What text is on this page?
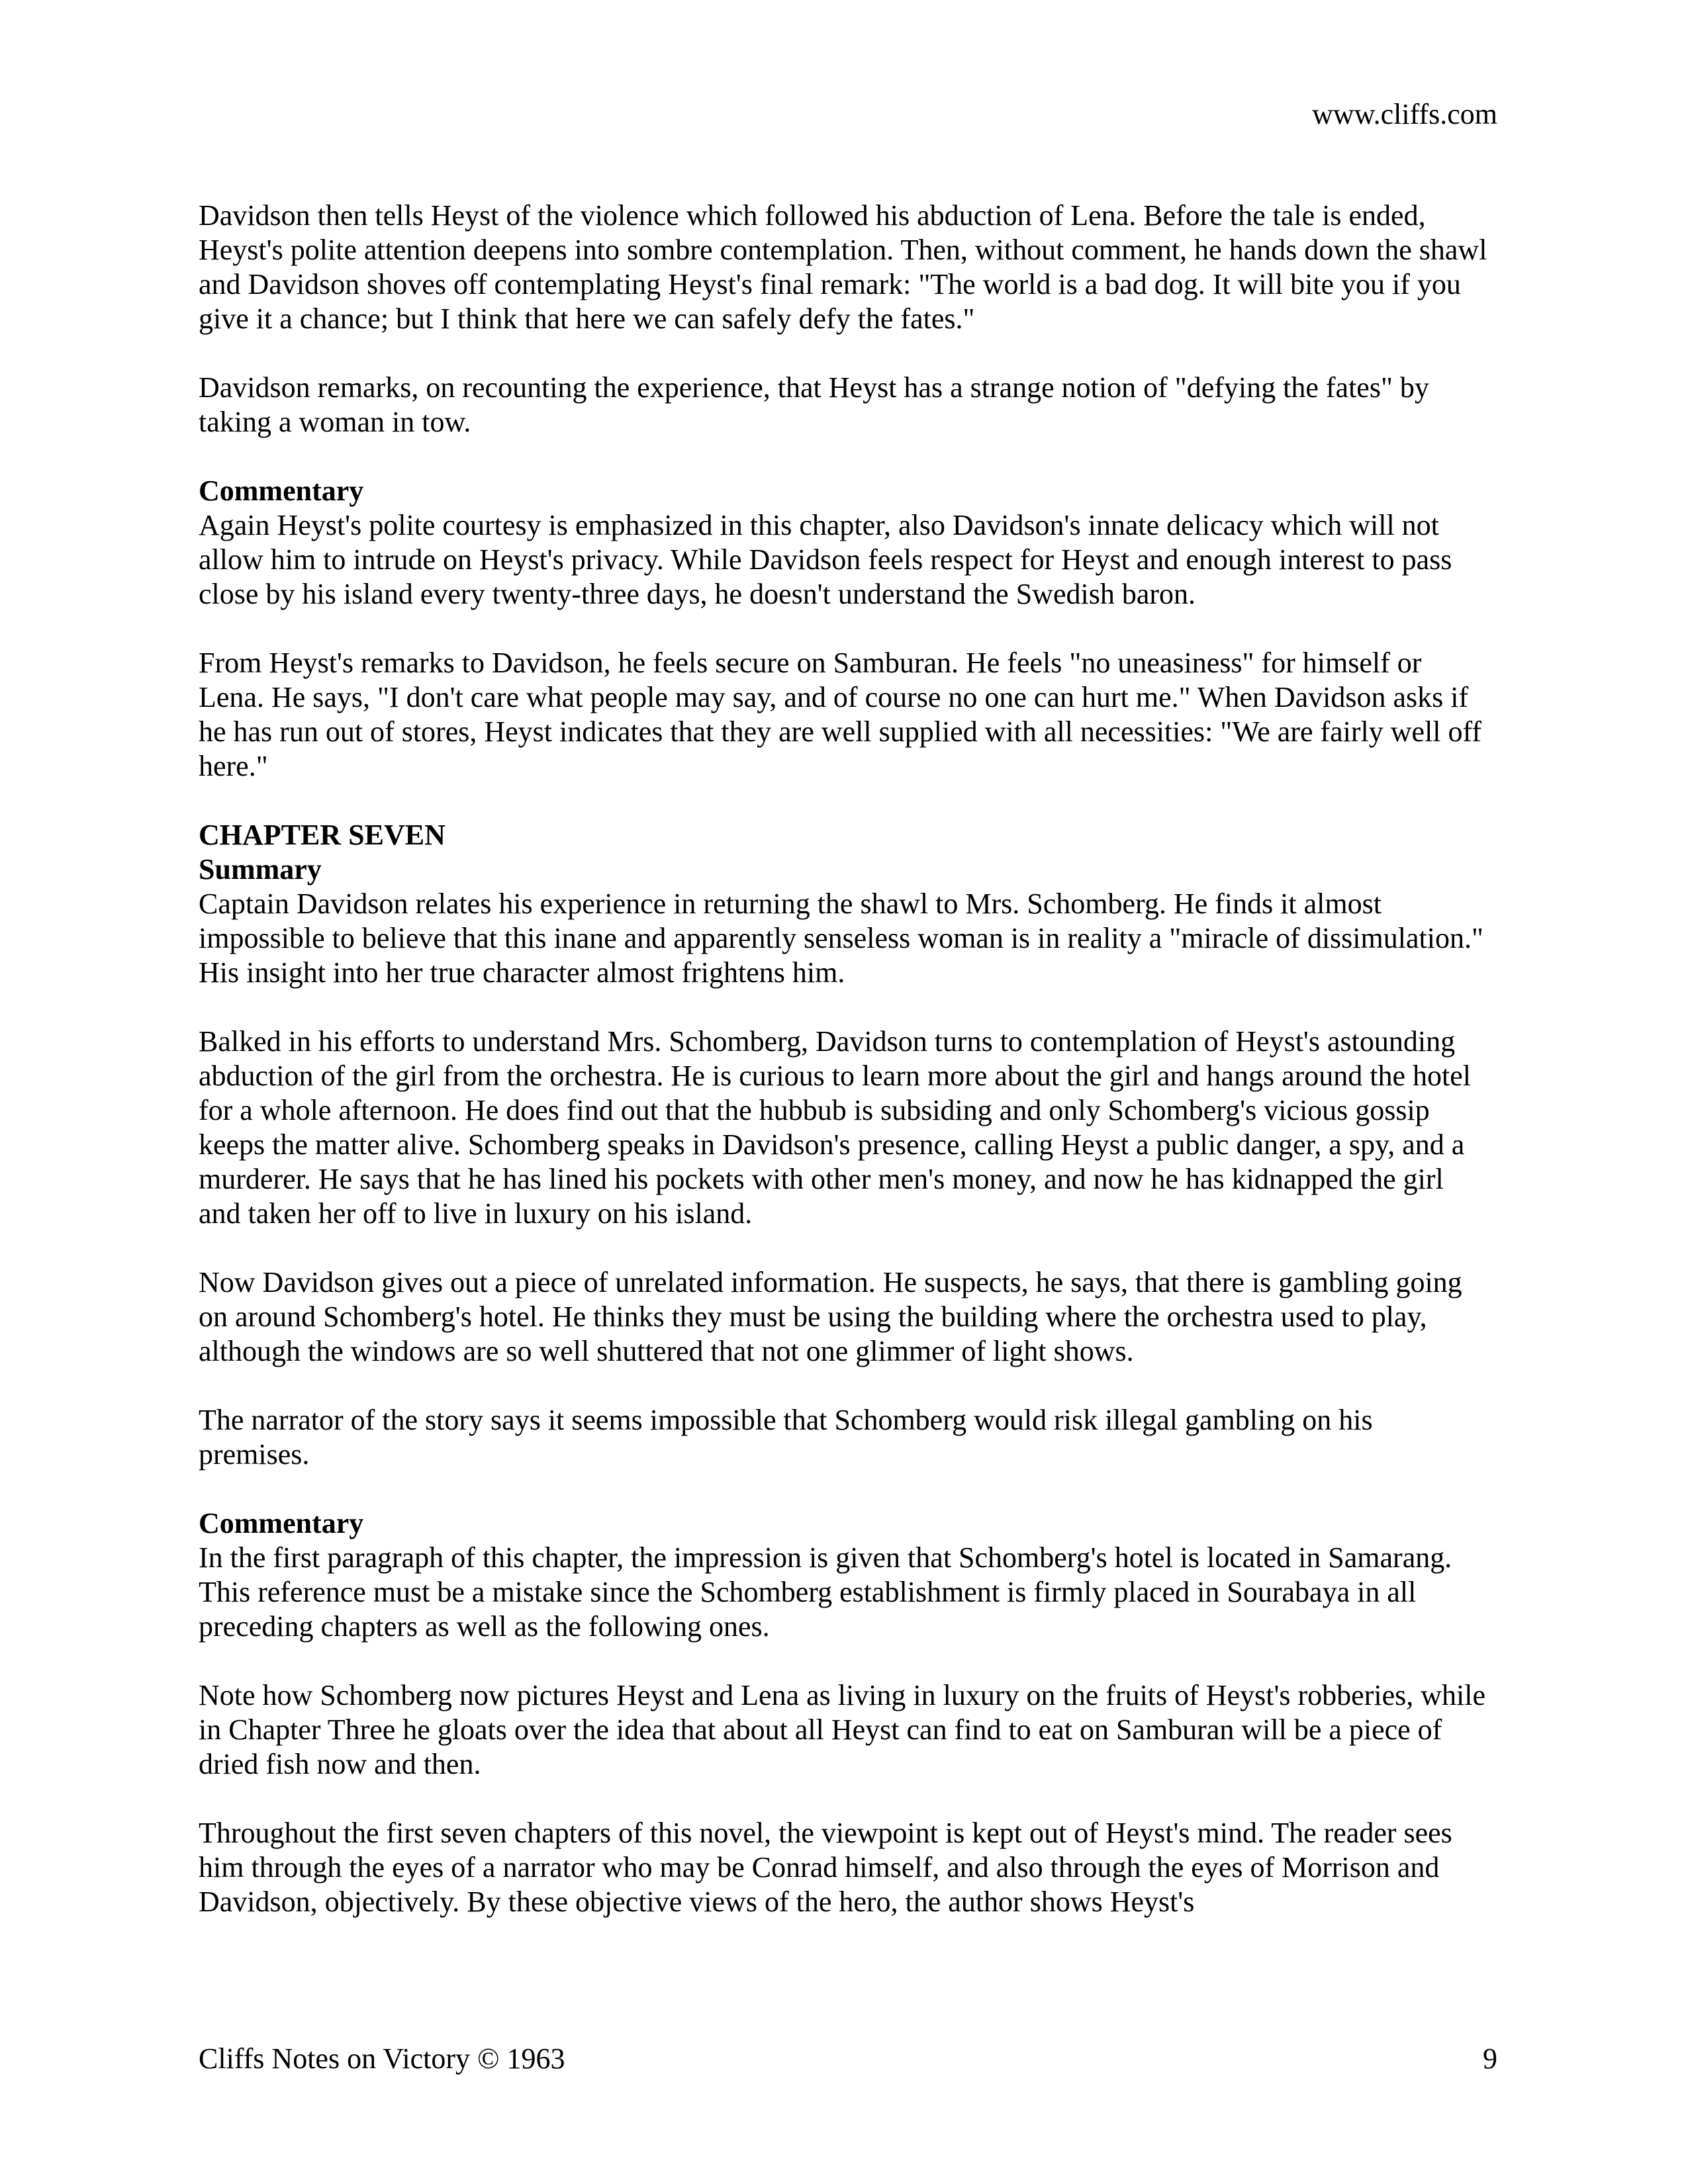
www.cliffs.com

Davidson then tells Heyst of the violence which followed his abduction of Lena. Before the tale is ended, Heyst's polite attention deepens into sombre contemplation. Then, without comment, he hands down the shawl and Davidson shoves off contemplating Heyst's final remark: "The world is a bad dog. It will bite you if you give it a chance; but I think that here we can safely defy the fates."

Davidson remarks, on recounting the experience, that Heyst has a strange notion of "defying the fates" by taking a woman in tow.

Commentary

Again Heyst's polite courtesy is emphasized in this chapter, also Davidson's innate delicacy which will not allow him to intrude on Heyst's privacy. While Davidson feels respect for Heyst and enough interest to pass close by his island every twenty-three days, he doesn't understand the Swedish baron.

From Heyst's remarks to Davidson, he feels secure on Samburan. He feels "no uneasiness" for himself or Lena. He says, "I don't care what people may say, and of course no one can hurt me." When Davidson asks if he has run out of stores, Heyst indicates that they are well supplied with all necessities: "We are fairly well off here."

CHAPTER SEVEN
Summary

Captain Davidson relates his experience in returning the shawl to Mrs. Schomberg. He finds it almost impossible to believe that this inane and apparently senseless woman is in reality a "miracle of dissimulation." His insight into her true character almost frightens him.

Balked in his efforts to understand Mrs. Schomberg, Davidson turns to contemplation of Heyst's astounding abduction of the girl from the orchestra. He is curious to learn more about the girl and hangs around the hotel for a whole afternoon. He does find out that the hubbub is subsiding and only Schomberg's vicious gossip keeps the matter alive. Schomberg speaks in Davidson's presence, calling Heyst a public danger, a spy, and a murderer. He says that he has lined his pockets with other men's money, and now he has kidnapped the girl and taken her off to live in luxury on his island.

Now Davidson gives out a piece of unrelated information. He suspects, he says, that there is gambling going on around Schomberg's hotel. He thinks they must be using the building where the orchestra used to play, although the windows are so well shuttered that not one glimmer of light shows.

The narrator of the story says it seems impossible that Schomberg would risk illegal gambling on his premises.

Commentary

In the first paragraph of this chapter, the impression is given that Schomberg's hotel is located in Samarang. This reference must be a mistake since the Schomberg establishment is firmly placed in Sourabaya in all preceding chapters as well as the following ones.

Note how Schomberg now pictures Heyst and Lena as living in luxury on the fruits of Heyst's robberies, while in Chapter Three he gloats over the idea that about all Heyst can find to eat on Samburan will be a piece of dried fish now and then.

Throughout the first seven chapters of this novel, the viewpoint is kept out of Heyst's mind. The reader sees him through the eyes of a narrator who may be Conrad himself, and also through the eyes of Morrison and Davidson, objectively. By these objective views of the hero, the author shows Heyst's

Cliffs Notes on Victory © 1963	9
